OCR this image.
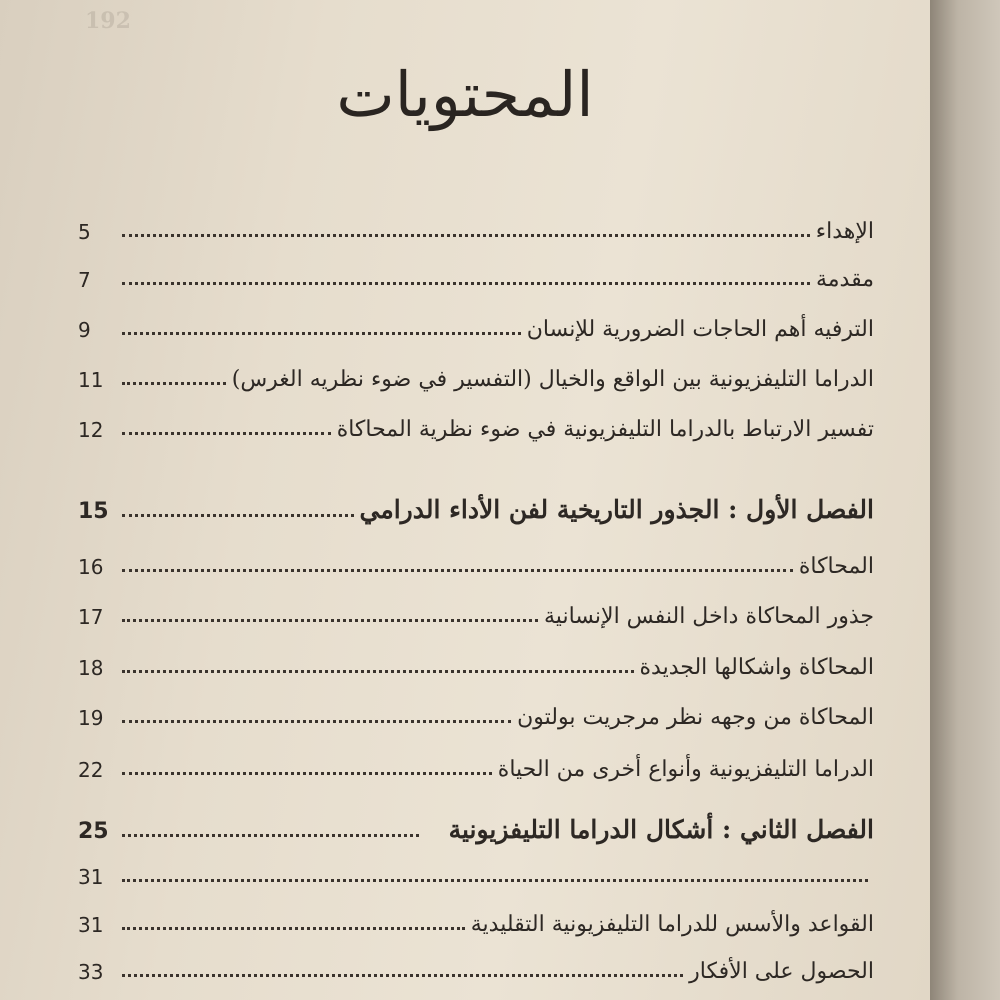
192
المحتويات
الإهداء
5
مقدمة
7
الترفيه أهم الحاجات الضرورية للإنسان
9
الدراما التليفزيونية بين الواقع والخيال (التفسير في ضوء نظريه الغرس)
11
تفسير الارتباط بالدراما التليفزيونية في ضوء نظرية المحاكاة
12
الفصل الأول : الجذور التاريخية لفن الأداء الدرامي
15
المحاكاة
16
جذور المحاكاة داخل النفس الإنسانية
17
المحاكاة واشكالها الجديدة
18
المحاكاة من وجهه نظر مرجريت بولتون
19
الدراما التليفزيونية وأنواع أخرى من الحياة
22
الفصل الثاني : أشكال الدراما التليفزيونية
25
31
القواعد والأسس للدراما التليفزيونية التقليدية
31
الحصول على الأفكار
33
